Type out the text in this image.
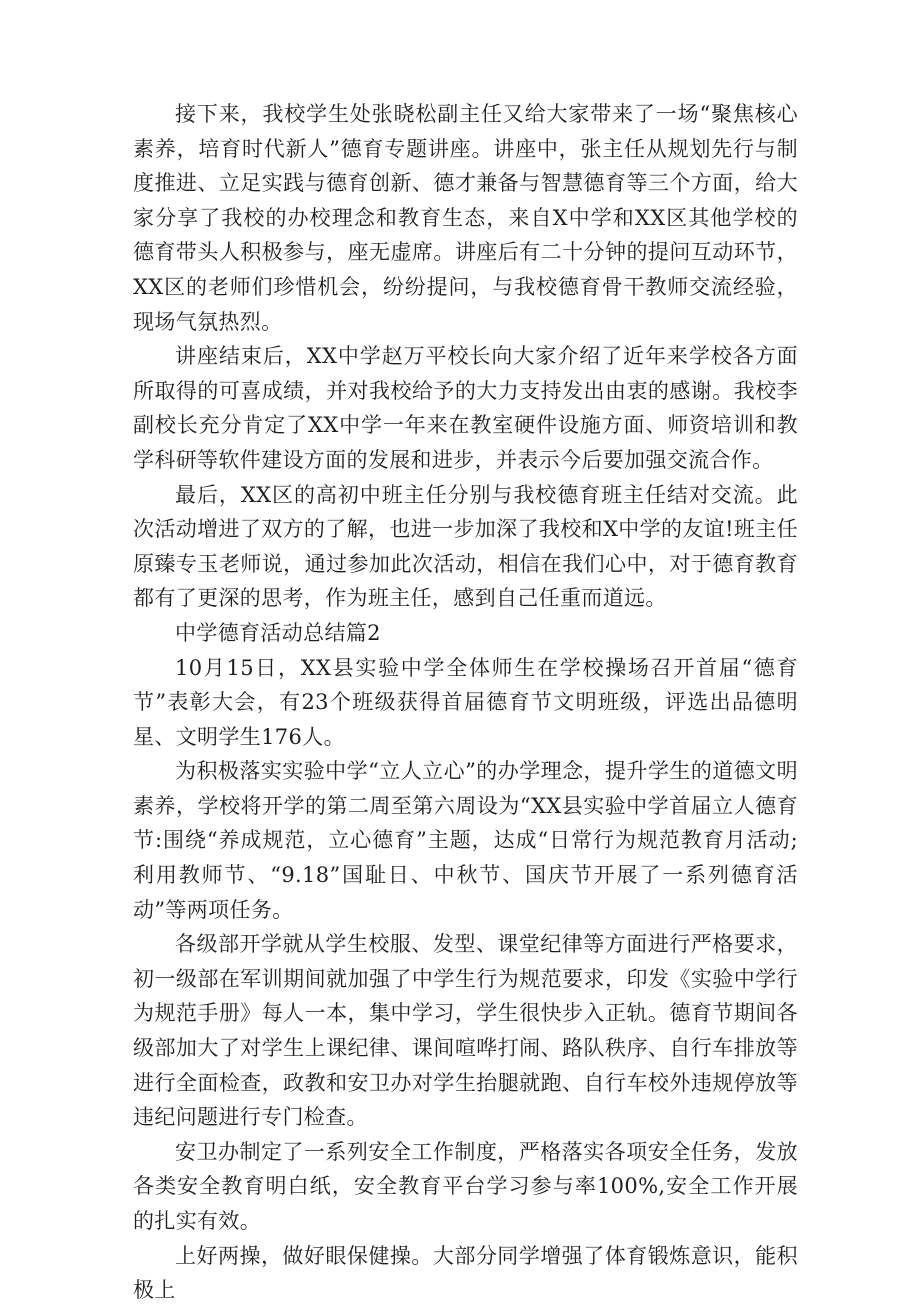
接下来，我校学生处张晓松副主任又给大家带来了一场“聚焦核心素养，培育时代新人”德育专题讲座。讲座中，张主任从规划先行与制度推进、立足实践与德育创新、德才兼备与智慧德育等三个方面，给大家分享了我校的办校理念和教育生态，来自X中学和XX区其他学校的德育带头人积极参与，座无虚席。讲座后有二十分钟的提问互动环节，XX区的老师们珍惜机会，纷纷提问，与我校德育骨干教师交流经验，现场气氛热烈。

讲座结束后，XX中学赵万平校长向大家介绍了近年来学校各方面所取得的可喜成绩，并对我校给予的大力支持发出由衷的感谢。我校李副校长充分肯定了XX中学一年来在教室硬件设施方面、师资培训和教学科研等软件建设方面的发展和进步，并表示今后要加强交流合作。

最后，XX区的高初中班主任分别与我校德育班主任结对交流。此次活动增进了双方的了解，也进一步加深了我校和X中学的友谊!班主任原臻专玉老师说，通过参加此次活动，相信在我们心中，对于德育教育都有了更深的思考，作为班主任，感到自己任重而道远。

中学德育活动总结篇2

10月15日，XX县实验中学全体师生在学校操场召开首届“德育节”表彰大会，有23个班级获得首届德育节文明班级，评选出品德明星、文明学生176人。

为积极落实实验中学“立人立心”的办学理念，提升学生的道德文明素养，学校将开学的第二周至第六周设为“XX县实验中学首届立人德育节:围绕“养成规范，立心德育”主题，达成“日常行为规范教育月活动;利用教师节、“9.18”国耻日、中秋节、国庆节开展了一系列德育活动”等两项任务。

各级部开学就从学生校服、发型、课堂纪律等方面进行严格要求，初一级部在军训期间就加强了中学生行为规范要求，印发《实验中学行为规范手册》每人一本，集中学习，学生很快步入正轨。德育节期间各级部加大了对学生上课纪律、课间喧哗打闹、路队秩序、自行车排放等进行全面检查，政教和安卫办对学生抬腿就跑、自行车校外违规停放等违纪问题进行专门检查。

安卫办制定了一系列安全工作制度，严格落实各项安全任务，发放各类安全教育明白纸，安全教育平台学习参与率100%,安全工作开展的扎实有效。

上好两操，做好眼保健操。大部分同学增强了体育锻炼意识，能积极上
